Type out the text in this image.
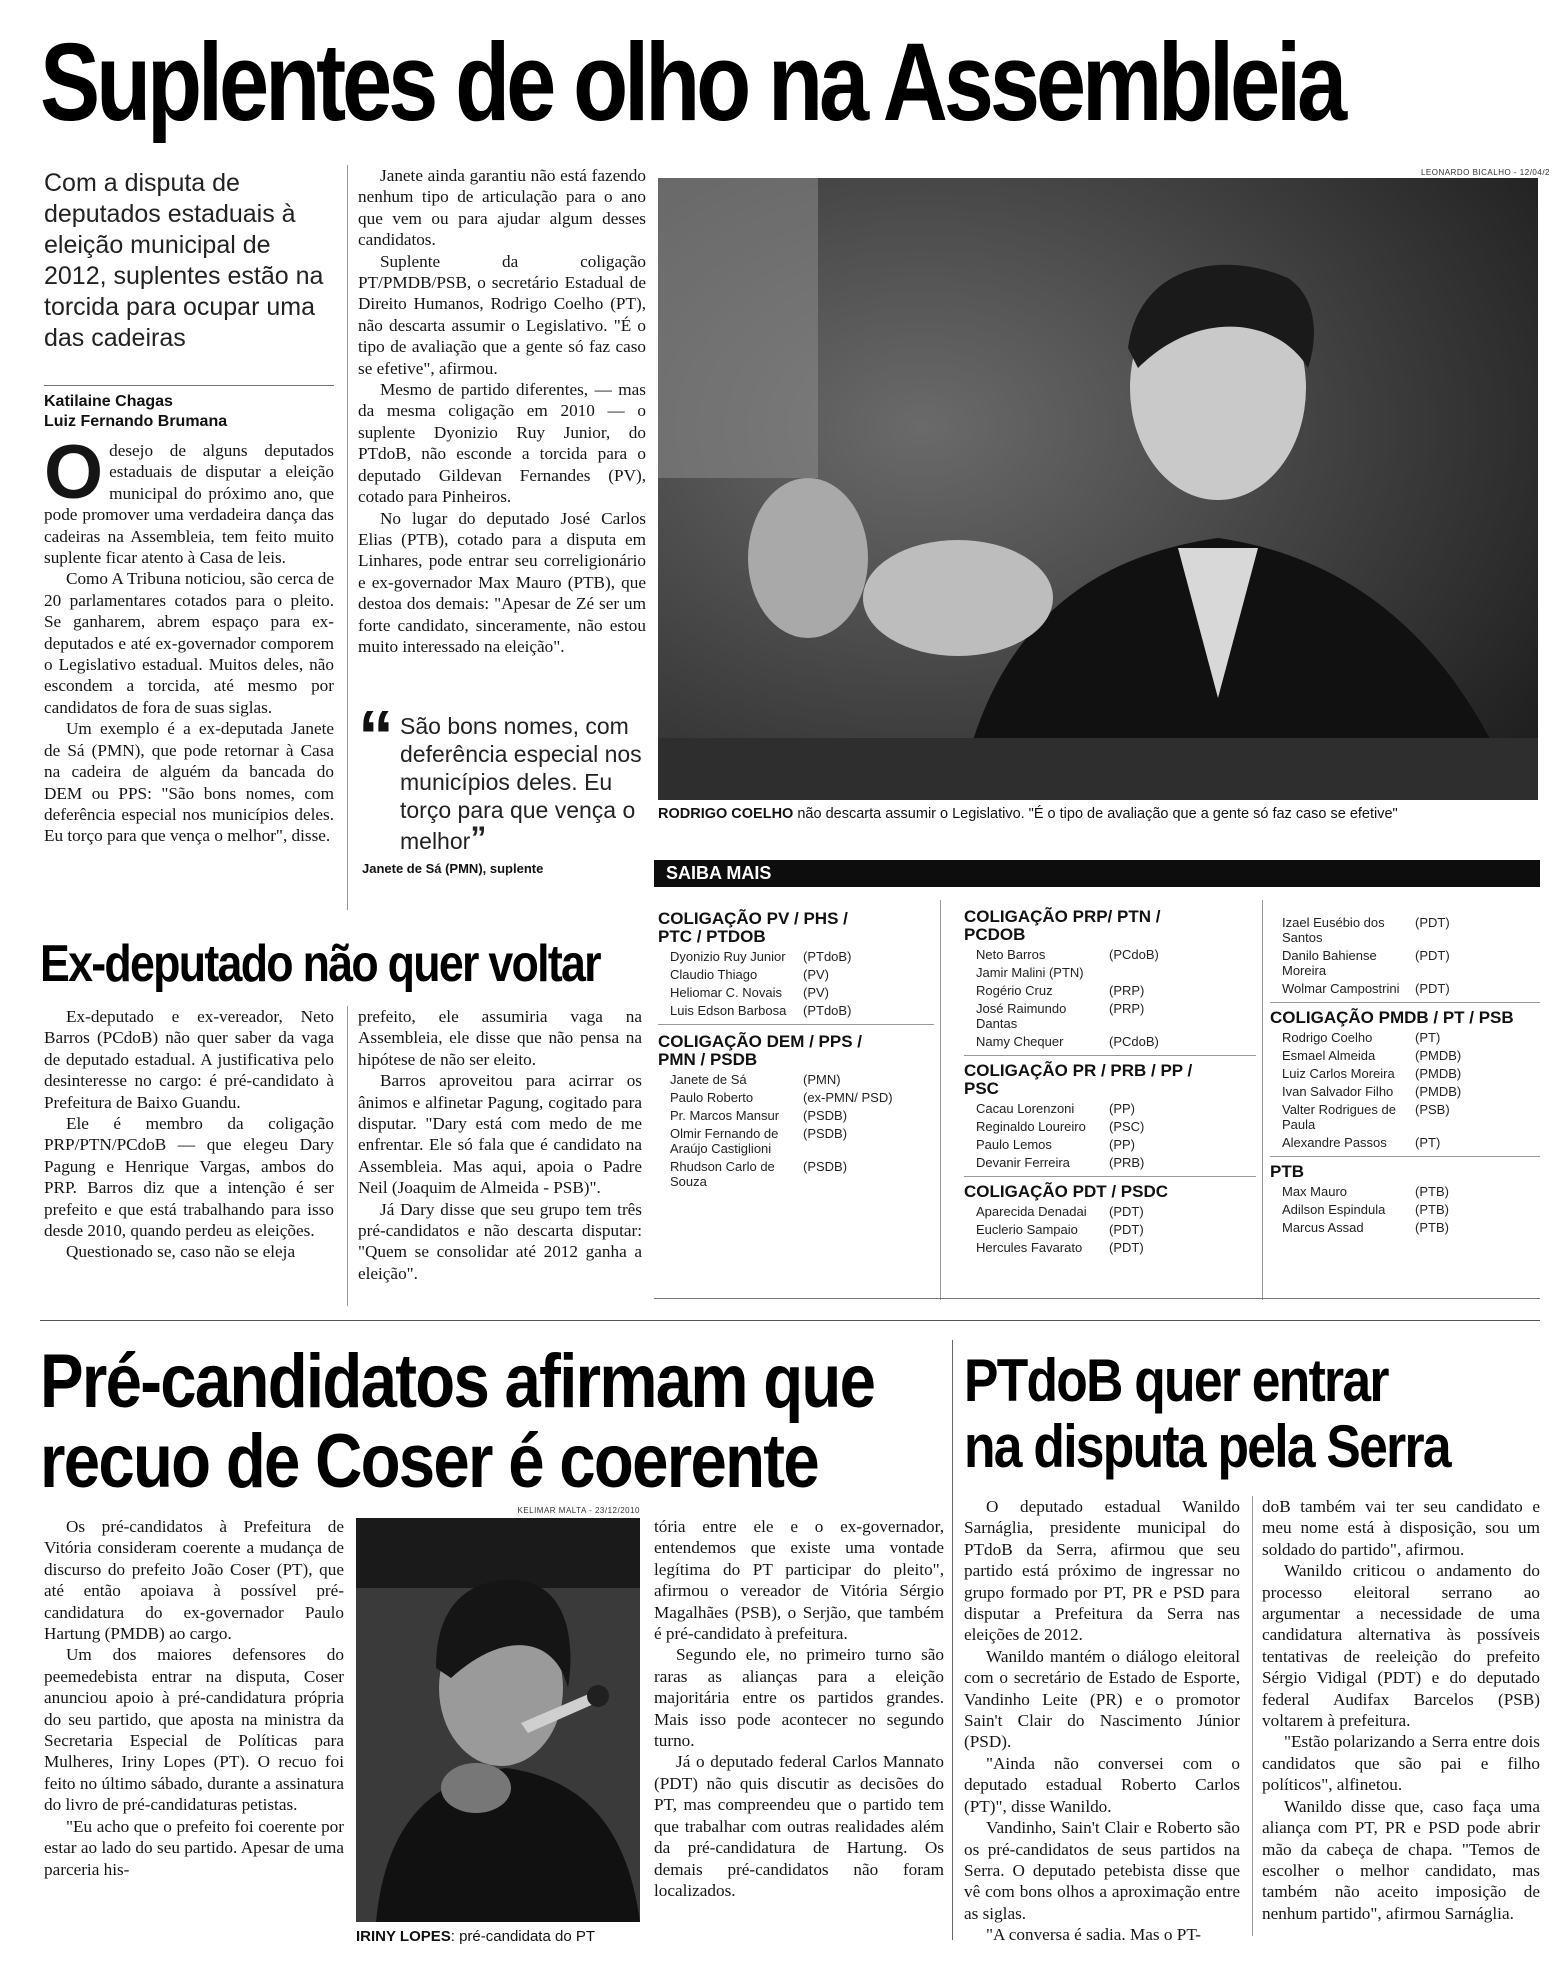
Suplentes de olho na Assembleia
Com a disputa de deputados estaduais à eleição municipal de 2012, suplentes estão na torcida para ocupar uma das cadeiras
Katilaine Chagas
Luiz Fernando Brumana

Odesejo de alguns deputados estaduais de disputar a eleição municipal do próximo ano, que pode promover uma verdadeira dança das cadeiras na Assembleia, tem feito muito suplente ficar atento à Casa de leis.

Como A Tribuna noticiou, são cerca de 20 parlamentares cotados para o pleito. Se ganharem, abrem espaço para ex-deputados e até ex-governador comporem o Legislativo estadual. Muitos deles, não escondem a torcida, até mesmo por candidatos de fora de suas siglas.

Um exemplo é a ex-deputada Janete de Sá (PMN), que pode retornar à Casa na cadeira de alguém da bancada do DEM ou PPS: "São bons nomes, com deferência especial nos municípios deles. Eu torço para que vença o melhor", disse.

Janete ainda garantiu não está fazendo nenhum tipo de articulação para o ano que vem ou para ajudar algum desses candidatos.

Suplente da coligação PT/PMDB/PSB, o secretário Estadual de Direito Humanos, Rodrigo Coelho (PT), não descarta assumir o Legislativo. "É o tipo de avaliação que a gente só faz caso se efetive", afirmou.

Mesmo de partido diferentes, — mas da mesma coligação em 2010 — o suplente Dyonizio Ruy Junior, do PTdoB, não esconde a torcida para o deputado Gildevan Fernandes (PV), cotado para Pinheiros.

No lugar do deputado José Carlos Elias (PTB), cotado para a disputa em Linhares, pode entrar seu correligionário e ex-governador Max Mauro (PTB), que destoa dos demais: "Apesar de Zé ser um forte candidato, sinceramente, não estou muito interessado na eleição".

“ São bons nomes, com deferência especial nos municípios deles. Eu torço para que vença o melhor”
Janete de Sá (PMN), suplente
LEONARDO BICALHO - 12/04/2
RODRIGO COELHO não descarta assumir o Legislativo. "É o tipo de avaliação que a gente só faz caso se efetive"
SAIBA MAIS
COLIGAÇÃO PV / PHS / PTC / PTDOB
Dyonizio Ruy Junior	(PTdoB)
Claudio Thiago	(PV)
Heliomar C. Novais	(PV)
Luis Edson Barbosa	(PTdoB)
COLIGAÇÃO DEM / PPS / PMN / PSDB
Janete de Sá	(PMN)
Paulo Roberto	(ex-PMN/ PSD)
Pr. Marcos Mansur	(PSDB)
Olmir Fernando de Araújo Castiglioni
(PSDB)
Rhudson Carlo de Souza
(PSDB)
COLIGAÇÃO PRP/ PTN / PCDOB
Neto Barros	(PCdoB)
Jamir Malini (PTN)
Rogério Cruz	(PRP)
José Raimundo Dantas
(PRP)
Namy Chequer	(PCdoB)
COLIGAÇÃO PR / PRB / PP / PSC
Cacau Lorenzoni	(PP)
Reginaldo Loureiro	(PSC)
Paulo Lemos	(PP)
Devanir Ferreira	(PRB)
COLIGAÇÃO PDT / PSDC
Aparecida Denadai	(PDT)
Euclerio Sampaio	(PDT)
Hercules Favarato	(PDT)
Izael Eusébio dos Santos
(PDT)
Danilo Bahiense Moreira
(PDT)
Wolmar Campostrini	(PDT)
COLIGAÇÃO PMDB / PT / PSB
Rodrigo Coelho	(PT)
Esmael Almeida	(PMDB)
Luiz Carlos Moreira	(PMDB)
Ivan Salvador Filho	(PMDB)
Valter Rodrigues de Paula
(PSB)
Alexandre Passos	(PT)
PTB
Max Mauro	(PTB)
Adilson Espindula	(PTB)
Marcus Assad	(PTB)
Ex-deputado não quer voltar

Ex-deputado e ex-vereador, Neto Barros (PCdoB) não quer saber da vaga de deputado estadual. A justificativa pelo desinteresse no cargo: é pré-candidato à Prefeitura de Baixo Guandu.

Ele é membro da coligação PRP/PTN/PCdoB — que elegeu Dary Pagung e Henrique Vargas, ambos do PRP. Barros diz que a intenção é ser prefeito e que está trabalhando para isso desde 2010, quando perdeu as eleições.

Questionado se, caso não se eleja

prefeito, ele assumiria vaga na Assembleia, ele disse que não pensa na hipótese de não ser eleito.

Barros aproveitou para acirrar os ânimos e alfinetar Pagung, cogitado para disputar. "Dary está com medo de me enfrentar. Ele só fala que é candidato na Assembleia. Mas aqui, apoia o Padre Neil (Joaquim de Almeida - PSB)".

Já Dary disse que seu grupo tem três pré-candidatos e não descarta disputar: "Quem se consolidar até 2012 ganha a eleição".

Pré-candidatos afirmam que
recuo de Coser é coerente

Os pré-candidatos à Prefeitura de Vitória consideram coerente a mudança de discurso do prefeito João Coser (PT), que até então apoiava à possível pré-candidatura do ex-governador Paulo Hartung (PMDB) ao cargo.

Um dos maiores defensores do peemedebista entrar na disputa, Coser anunciou apoio à pré-candidatura própria do seu partido, que aposta na ministra da Secretaria Especial de Políticas para Mulheres, Iriny Lopes (PT). O recuo foi feito no último sábado, durante a assinatura do livro de pré-candidaturas petistas.

"Eu acho que o prefeito foi coerente por estar ao lado do seu partido. Apesar de uma parceria his-

KELIMAR MALTA - 23/12/2010
IRINY LOPES: pré-candidata do PT

tória entre ele e o ex-governador, entendemos que existe uma vontade legítima do PT participar do pleito", afirmou o vereador de Vitória Sérgio Magalhães (PSB), o Serjão, que também é pré-candidato à prefeitura.

Segundo ele, no primeiro turno são raras as alianças para a eleição majoritária entre os partidos grandes. Mais isso pode acontecer no segundo turno.

Já o deputado federal Carlos Mannato (PDT) não quis discutir as decisões do PT, mas compreendeu que o partido tem que trabalhar com outras realidades além da pré-candidatura de Hartung. Os demais pré-candidatos não foram localizados.

PTdoB quer entrar
na disputa pela Serra

O deputado estadual Wanildo Sarnáglia, presidente municipal do PTdoB da Serra, afirmou que seu partido está próximo de ingressar no grupo formado por PT, PR e PSD para disputar a Prefeitura da Serra nas eleições de 2012.

Wanildo mantém o diálogo eleitoral com o secretário de Estado de Esporte, Vandinho Leite (PR) e o promotor Sain't Clair do Nascimento Júnior (PSD).

"Ainda não conversei com o deputado estadual Roberto Carlos (PT)", disse Wanildo.

Vandinho, Sain't Clair e Roberto são os pré-candidatos de seus partidos na Serra. O deputado petebista disse que vê com bons olhos a aproximação entre as siglas.

"A conversa é sadia. Mas o PT-

doB também vai ter seu candidato e meu nome está à disposição, sou um soldado do partido", afirmou.

Wanildo criticou o andamento do processo eleitoral serrano ao argumentar a necessidade de uma candidatura alternativa às possíveis tentativas de reeleição do prefeito Sérgio Vidigal (PDT) e do deputado federal Audifax Barcelos (PSB) voltarem à prefeitura.

"Estão polarizando a Serra entre dois candidatos que são pai e filho políticos", alfinetou.

Wanildo disse que, caso faça uma aliança com PT, PR e PSD pode abrir mão da cabeça de chapa. "Temos de escolher o melhor candidato, mas também não aceito imposição de nenhum partido", afirmou Sarnáglia.
